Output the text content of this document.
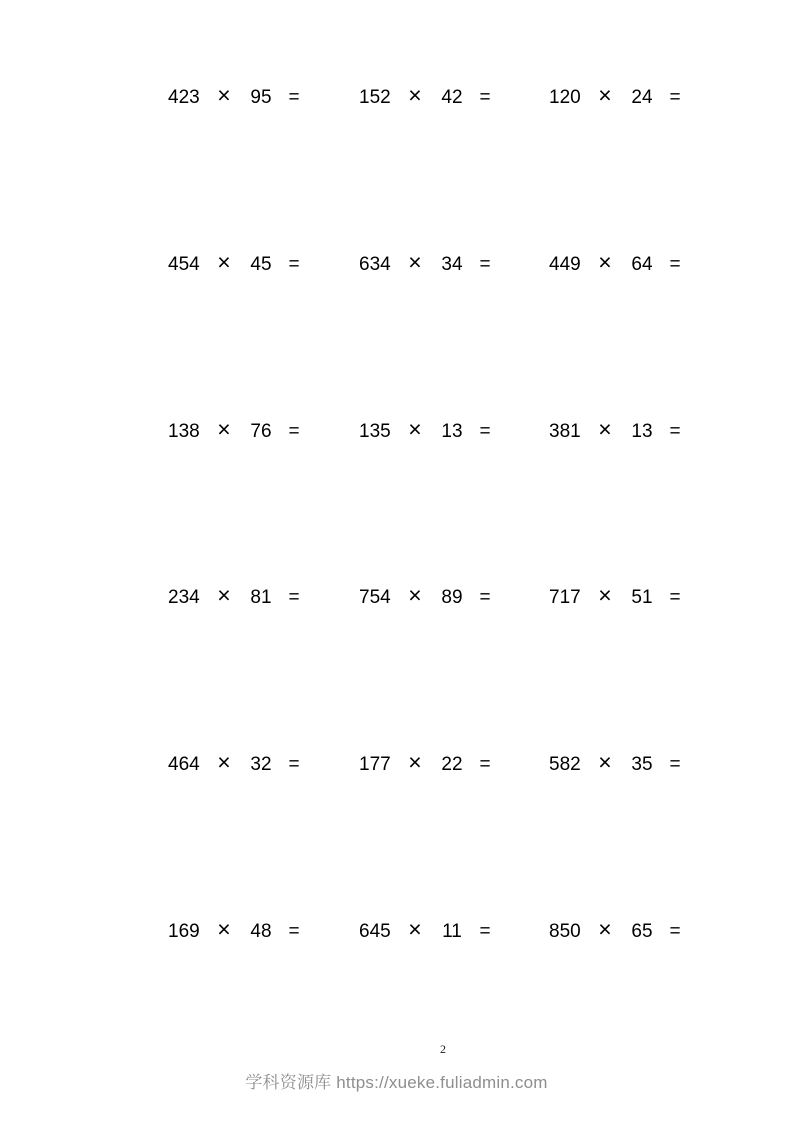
423 ×	95 =	152 ×	42 =	120 ×	24 =
454 ×	45 =	634 ×	34 =	449 ×	64 =
138 ×	76 =	135 ×	13 =	381 ×	13 =
234 ×	81 =	754 ×	89 =	717 ×	51 =
464 ×	32 =	177 ×	22 =	582 ×	35 =
169 ×	48 =	645 ×	11 =	850 ×	65 =
2
学科资源库 https://xueke.fuliadmin.com
